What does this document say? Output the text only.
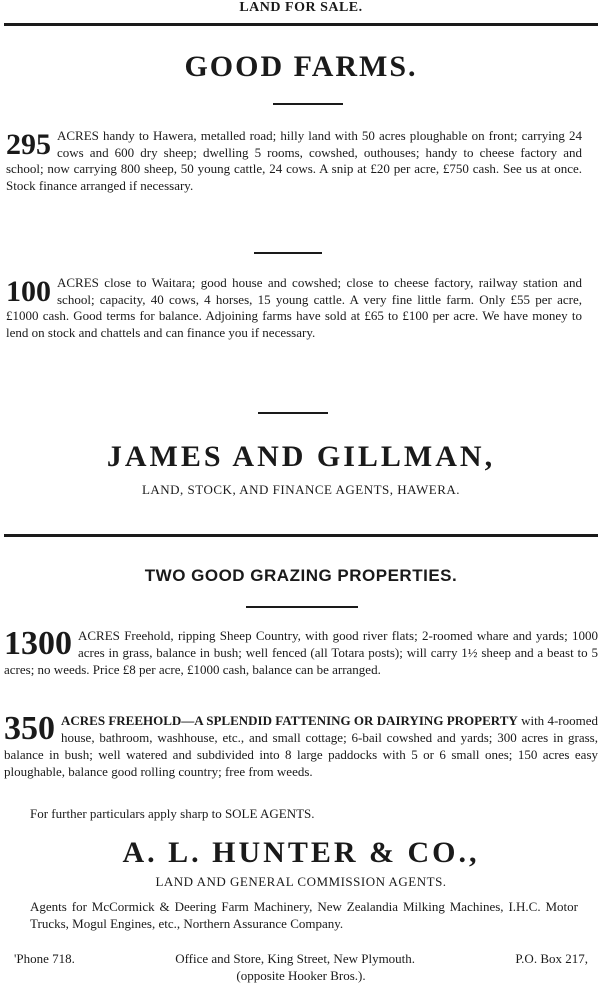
LAND FOR SALE.
GOOD FARMS.
295 ACRES handy to Hawera, metalled road; hilly land with 50 acres ploughable on front; carrying 24 cows and 600 dry sheep; dwelling 5 rooms, cowshed, outhouses; handy to cheese factory and school; now carrying 800 sheep, 50 young cattle, 24 cows. A snip at £20 per acre, £750 cash. See us at once. Stock finance arranged if necessary.
100 ACRES close to Waitara; good house and cowshed; close to cheese factory, railway station and school; capacity, 40 cows, 4 horses, 15 young cattle. A very fine little farm. Only £55 per acre, £1000 cash. Good terms for balance. Adjoining farms have sold at £65 to £100 per acre. We have money to lend on stock and chattels and can finance you if necessary.
JAMES AND GILLMAN,
LAND, STOCK, AND FINANCE AGENTS, HAWERA.
TWO GOOD GRAZING PROPERTIES.
1300 ACRES Freehold, ripping Sheep Country, with good river flats; 2-roomed whare and yards; 1000 acres in grass, balance in bush; well fenced (all Totara posts); will carry 1½ sheep and a beast to 5 acres; no weeds. Price £8 per acre, £1000 cash, balance can be arranged.
350 ACRES FREEHOLD—A SPLENDID FATTENING OR DAIRYING PROPERTY with 4-roomed house, bathroom, washhouse, etc., and small cottage; 6-bail cowshed and yards; 300 acres in grass, balance in bush; well watered and subdivided into 8 large paddocks with 5 or 6 small ones; 150 acres easy ploughable, balance good rolling country; free from weeds.
For further particulars apply sharp to SOLE AGENTS.
A. L. HUNTER & CO.,
LAND AND GENERAL COMMISSION AGENTS.
Agents for McCormick & Deering Farm Machinery, New Zealandia Milking Machines, I.H.C. Motor Trucks, Mogul Engines, etc., Northern Assurance Company.
'Phone 718.	Office and Store, King Street, New Plymouth.	P.O. Box 217,
(opposite Hooker Bros.).
